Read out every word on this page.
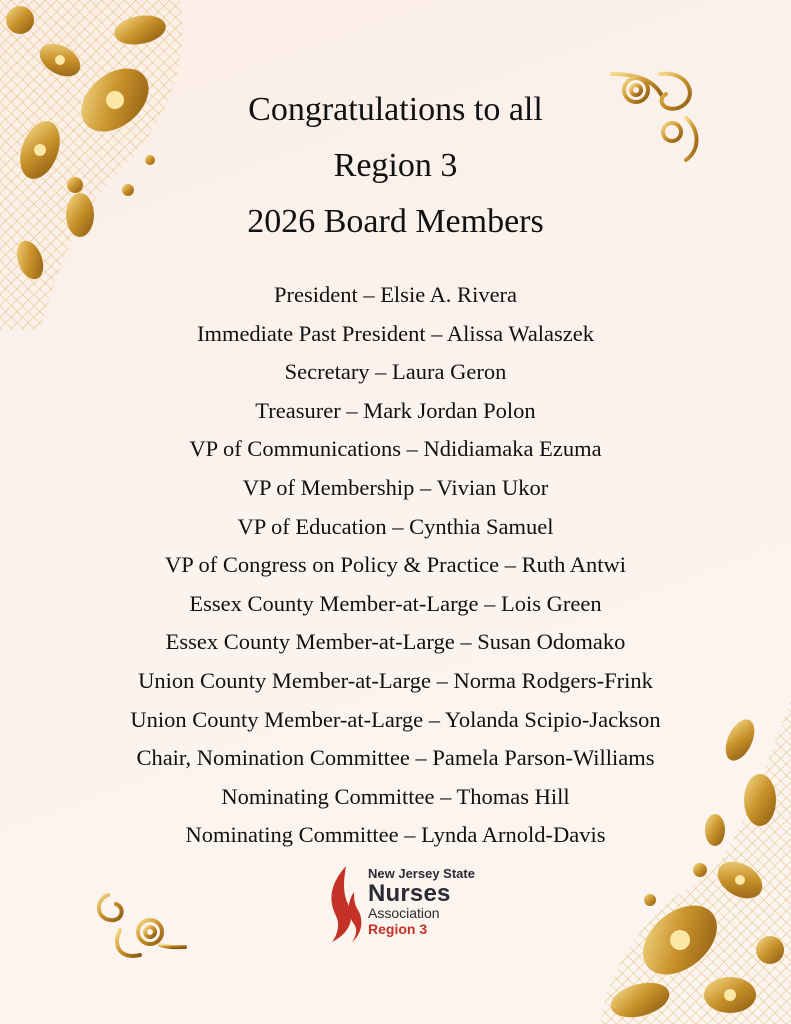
Congratulations to all
Region 3
2026 Board Members
President – Elsie A. Rivera
Immediate Past President – Alissa Walaszek
Secretary – Laura Geron
Treasurer – Mark Jordan Polon
VP of Communications – Ndidiamaka Ezuma
VP of Membership – Vivian Ukor
VP of Education – Cynthia Samuel
VP of Congress on Policy & Practice – Ruth Antwi
Essex County Member-at-Large – Lois Green
Essex County Member-at-Large – Susan Odomako
Union County Member-at-Large – Norma Rodgers-Frink
Union County Member-at-Large – Yolanda Scipio-Jackson
Chair, Nomination Committee – Pamela Parson-Williams
Nominating Committee – Thomas Hill
Nominating Committee – Lynda Arnold-Davis
New Jersey State
Nurses
Association
Region 3
